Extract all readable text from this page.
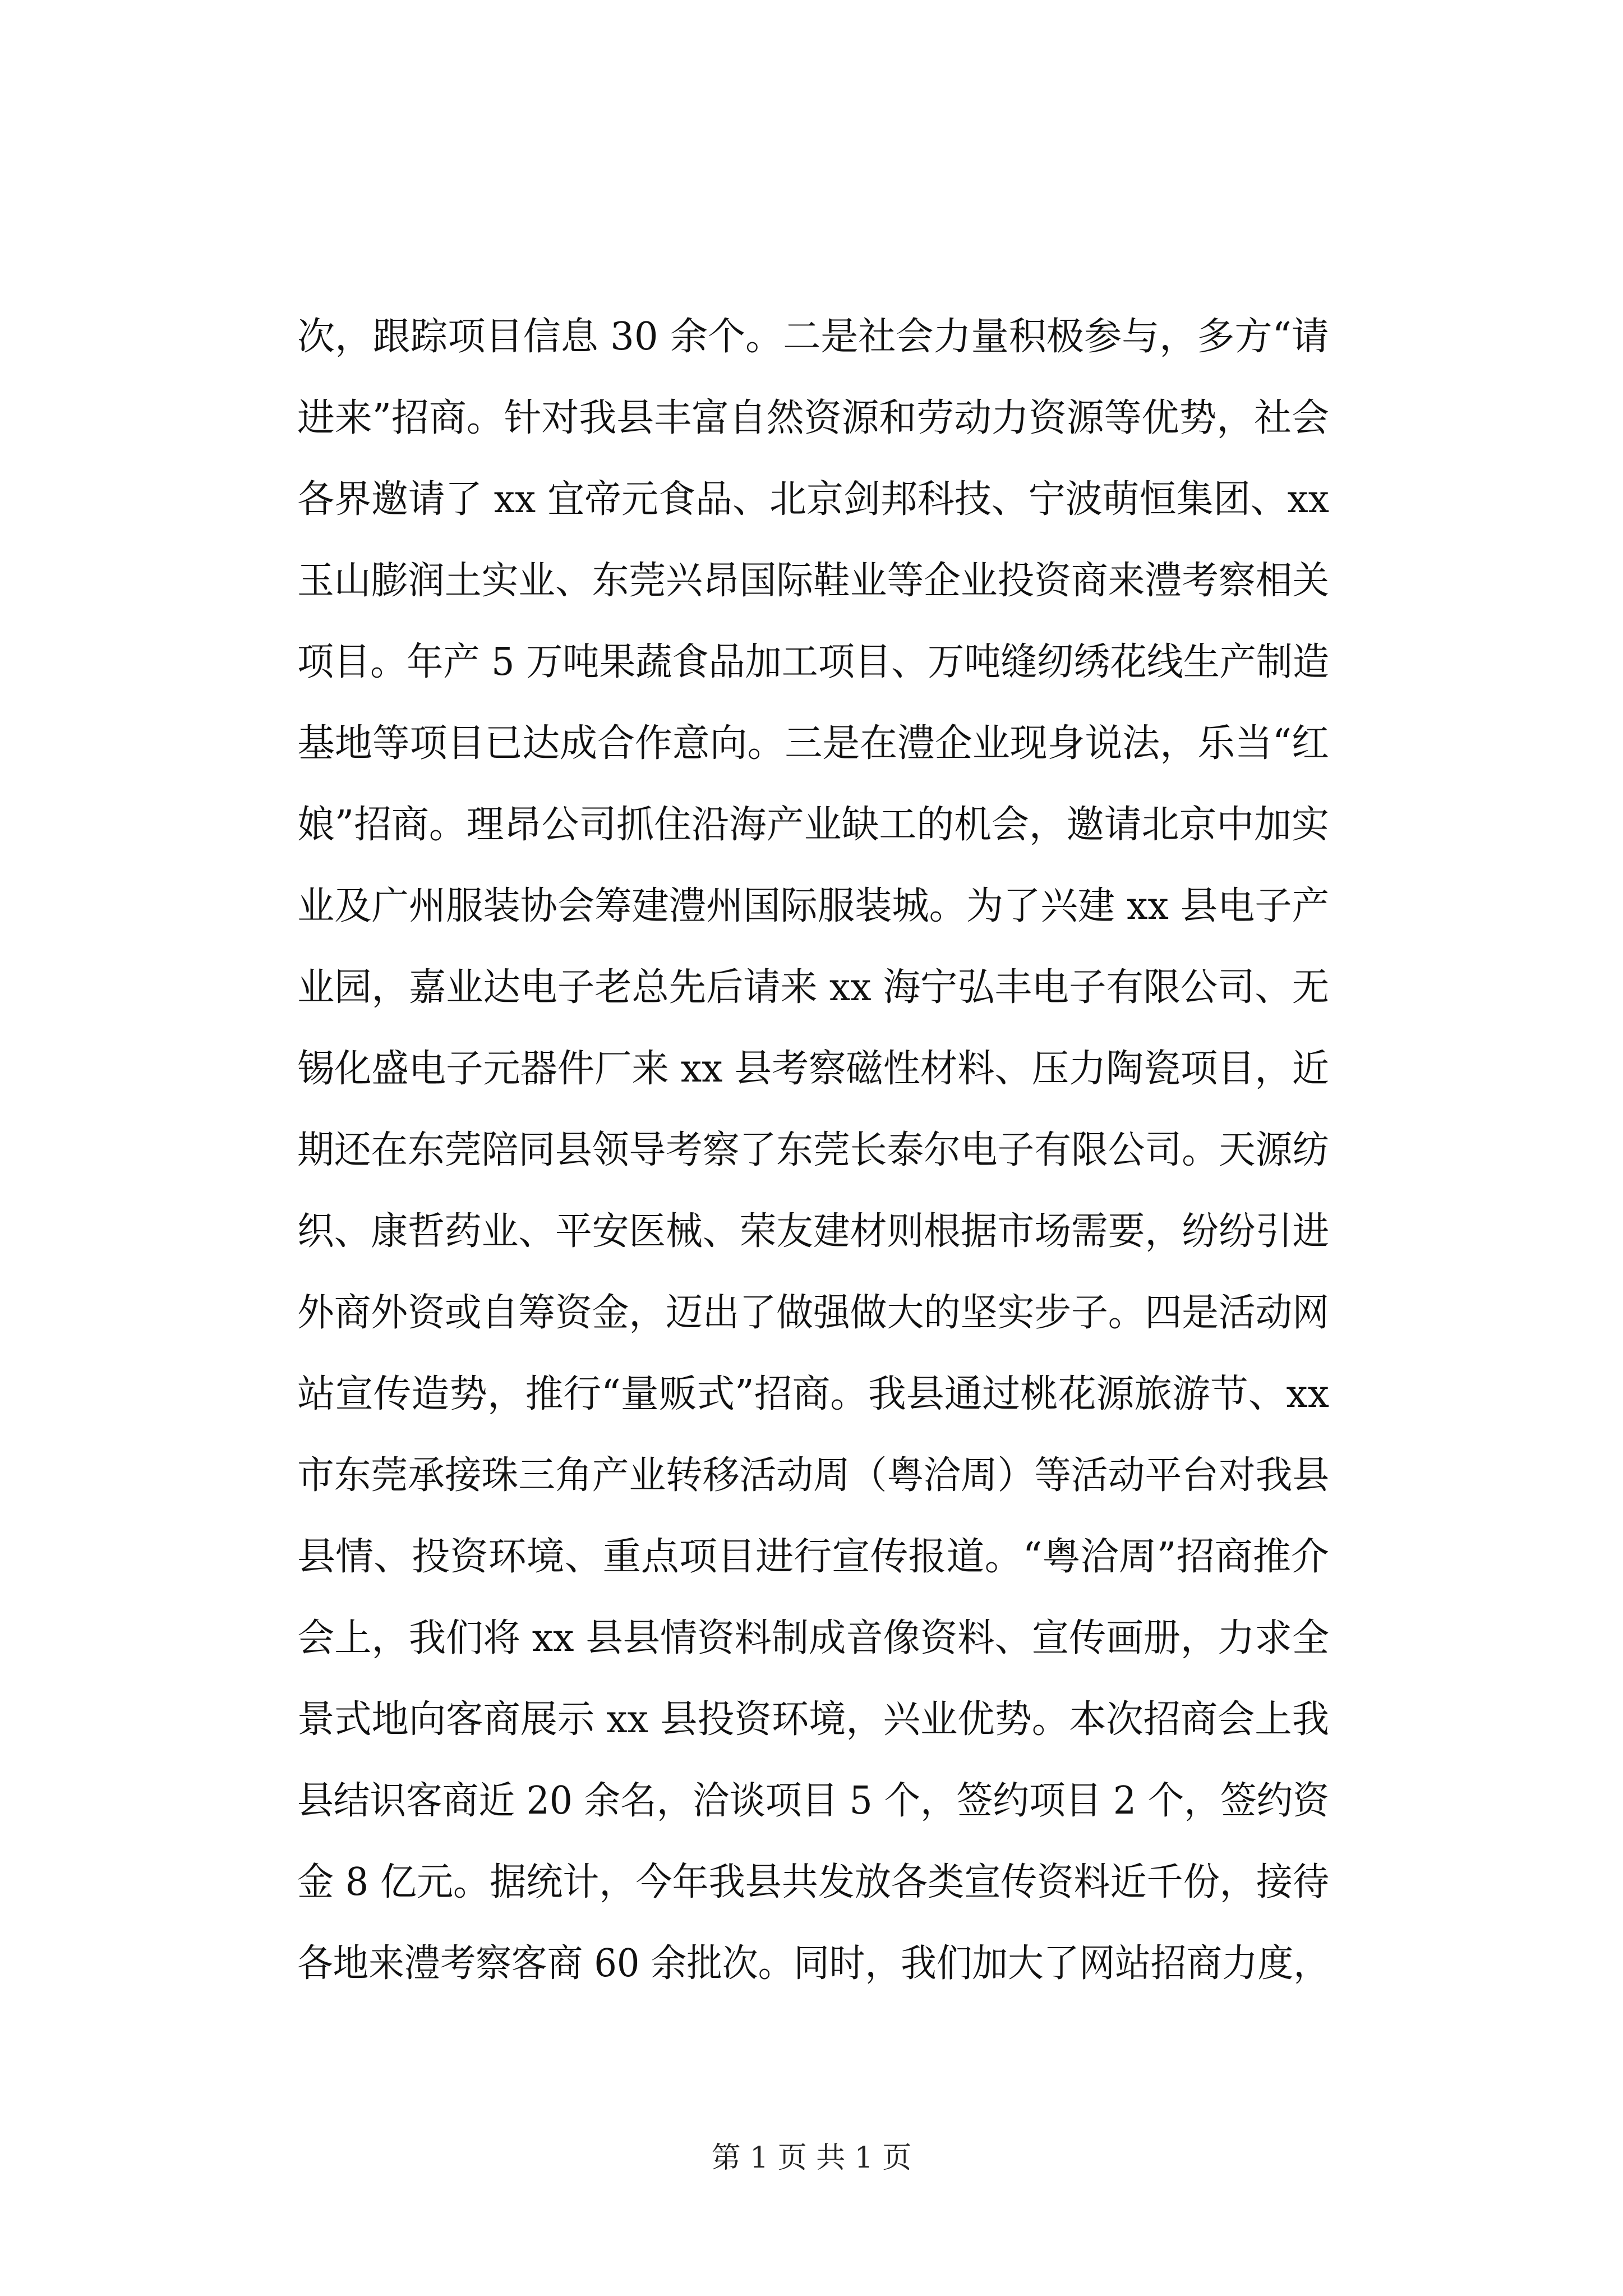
次，跟踪项目信息 30 余个。二是社会力量积极参与，多方“请
进来”招商。针对我县丰富自然资源和劳动力资源等优势，社会
各界邀请了 xx 宜帝元食品、北京剑邦科技、宁波萌恒集团、xx
玉山膨润土实业、东莞兴昂国际鞋业等企业投资商来澧考察相关
项目。年产 5 万吨果蔬食品加工项目、万吨缝纫绣花线生产制造
基地等项目已达成合作意向。三是在澧企业现身说法，乐当“红
娘”招商。理昂公司抓住沿海产业缺工的机会，邀请北京中加实
业及广州服装协会筹建澧州国际服装城。为了兴建 xx 县电子产
业园，嘉业达电子老总先后请来 xx 海宁弘丰电子有限公司、无
锡化盛电子元器件厂来 xx 县考察磁性材料、压力陶瓷项目，近
期还在东莞陪同县领导考察了东莞长泰尔电子有限公司。天源纺
织、康哲药业、平安医械、荣友建材则根据市场需要，纷纷引进
外商外资或自筹资金，迈出了做强做大的坚实步子。四是活动网
站宣传造势，推行“量贩式”招商。我县通过桃花源旅游节、xx
市东莞承接珠三角产业转移活动周（粤洽周）等活动平台对我县
县情、投资环境、重点项目进行宣传报道。“粤洽周”招商推介
会上，我们将 xx 县县情资料制成音像资料、宣传画册，力求全
景式地向客商展示 xx 县投资环境，兴业优势。本次招商会上我
县结识客商近 20 余名，洽谈项目 5 个，签约项目 2 个，签约资
金 8 亿元。据统计，今年我县共发放各类宣传资料近千份，接待
各地来澧考察客商 60 余批次。同时，我们加大了网站招商力度，
第 1 页 共 1 页
